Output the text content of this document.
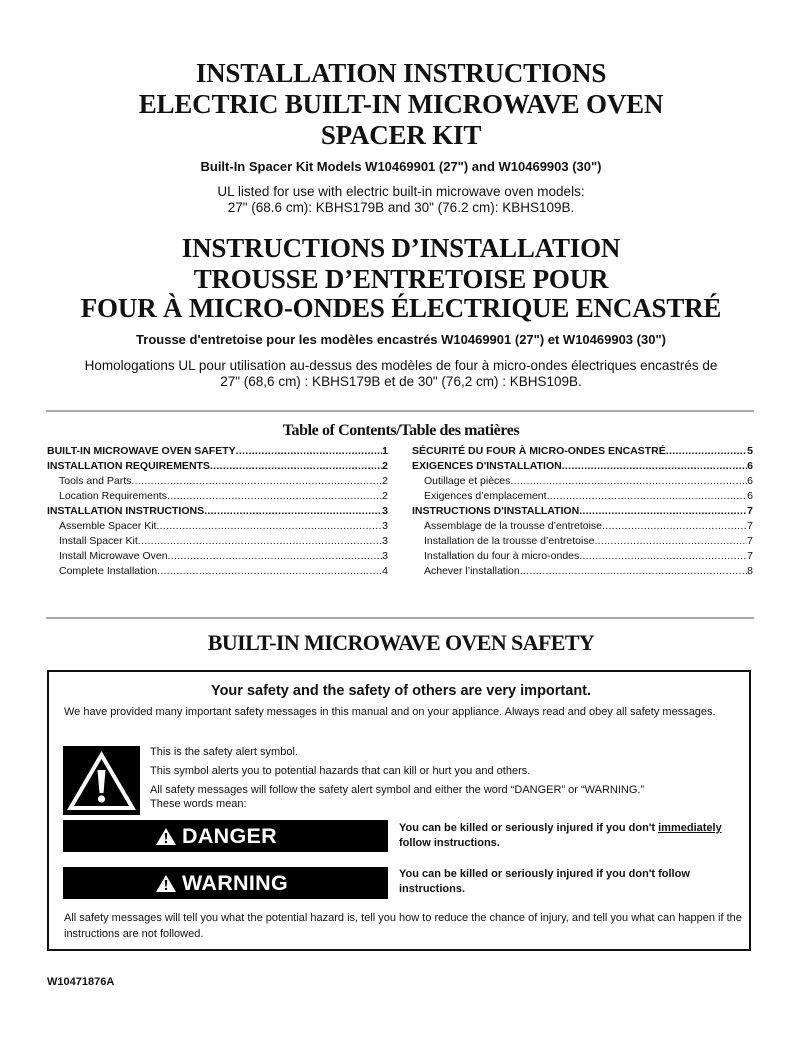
INSTALLATION INSTRUCTIONS
ELECTRIC BUILT-IN MICROWAVE OVEN
SPACER KIT
Built-In Spacer Kit Models W10469901 (27") and W10469903 (30")
UL listed for use with electric built-in microwave oven models:
27" (68.6 cm): KBHS179B and 30" (76.2 cm): KBHS109B.
INSTRUCTIONS D’INSTALLATION
TROUSSE D’ENTRETOISE POUR
FOUR À MICRO-ONDES ÉLECTRIQUE ENCASTRÉ
Trousse d'entretoise pour les modèles encastrés W10469901 (27") et W10469903 (30")
Homologations UL pour utilisation au-dessus des modèles de four à micro-ondes électriques encastrés de
27" (68,6 cm) : KBHS179B et de 30" (76,2 cm) : KBHS109B.
Table of Contents/Table des matières
BUILT-IN MICROWAVE OVEN SAFETY .....	1
INSTALLATION REQUIREMENTS .....	2
Tools and Parts .....	2
Location Requirements .....	2
INSTALLATION INSTRUCTIONS .....	3
Assemble Spacer Kit .....	3
Install Spacer Kit .....	3
Install Microwave Oven .....	3
Complete Installation .....	4
SÉCURITÉ DU FOUR À MICRO-ONDES ENCASTRÉ .....	5
EXIGENCES D'INSTALLATION .....	6
Outillage et pièces .....	6
Exigences d’emplacement .....	6
INSTRUCTIONS D'INSTALLATION .....	7
Assemblage de la trousse d’entretoise .....	7
Installation de la trousse d’entretoise .....	7
Installation du four à micro-ondes .....	7
Achever l’installation .....	8
BUILT-IN MICROWAVE OVEN SAFETY
Your safety and the safety of others are very important.
We have provided many important safety messages in this manual and on your appliance. Always read and obey all safety messages.
This is the safety alert symbol.
This symbol alerts you to potential hazards that can kill or hurt you and others.
All safety messages will follow the safety alert symbol and either the word “DANGER” or “WARNING.”
These words mean:
DANGER	You can be killed or seriously injured if you don't immediately
follow instructions.
WARNING	You can be killed or seriously injured if you don't follow instructions.
All safety messages will tell you what the potential hazard is, tell you how to reduce the chance of injury, and tell you what can happen if the instructions are not followed.
W10471876A
